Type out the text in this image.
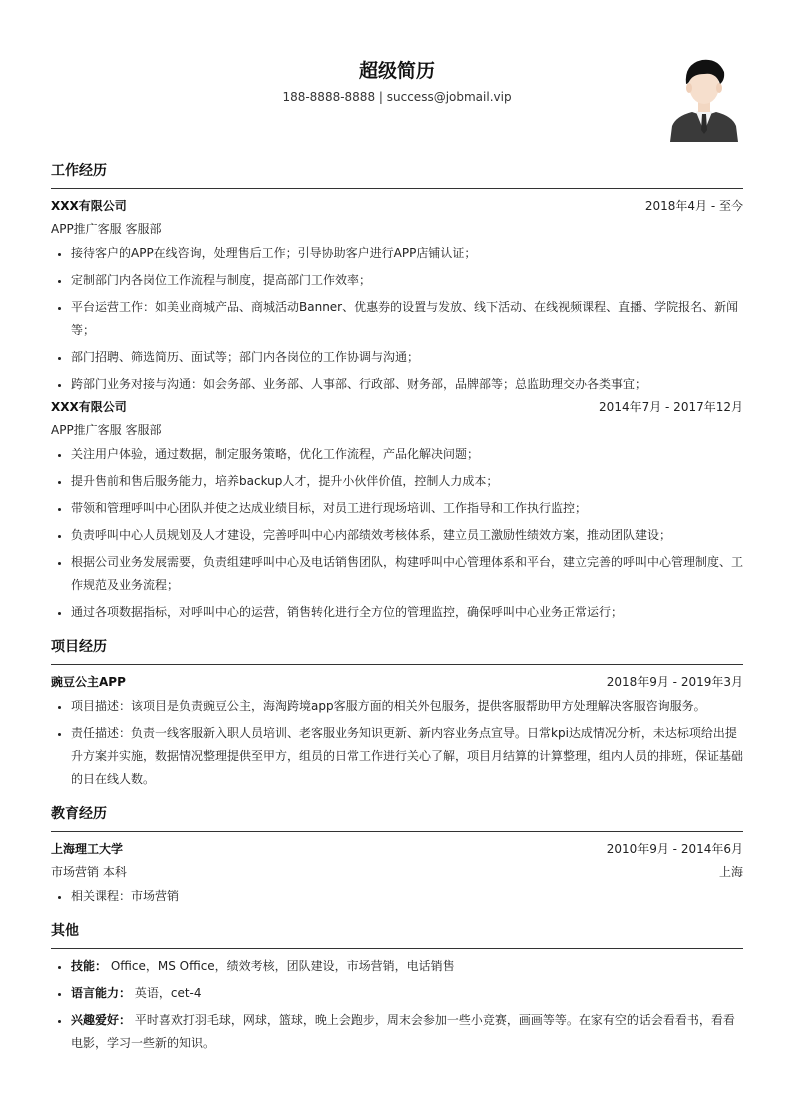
超级简历
188-8888-8888 | success@jobmail.vip
工作经历
XXX有限公司	2018年4月 - 至今
APP推广客服 客服部
• 接待客户的APP在线咨询，处理售后工作；引导协助客户进行APP店铺认证；
• 定制部门内各岗位工作流程与制度，提高部门工作效率；
• 平台运营工作：如美业商城产品、商城活动Banner、优惠券的设置与发放、线下活动、在线视频课程、直播、学院报名、新闻等；
• 部门招聘、筛选简历、面试等；部门内各岗位的工作协调与沟通；
• 跨部门业务对接与沟通：如会务部、业务部、人事部、行政部、财务部，品牌部等；总监助理交办各类事宜；
XXX有限公司	2014年7月 - 2017年12月
APP推广客服 客服部
• 关注用户体验，通过数据，制定服务策略，优化工作流程，产品化解决问题；
• 提升售前和售后服务能力，培养backup人才，提升小伙伴价值，控制人力成本；
• 带领和管理呼叫中心团队并使之达成业绩目标，对员工进行现场培训、工作指导和工作执行监控；
• 负责呼叫中心人员规划及人才建设，完善呼叫中心内部绩效考核体系，建立员工激励性绩效方案，推动团队建设；
• 根据公司业务发展需要，负责组建呼叫中心及电话销售团队，构建呼叫中心管理体系和平台，建立完善的呼叫中心管理制度、工作规范及业务流程；
• 通过各项数据指标，对呼叫中心的运营，销售转化进行全方位的管理监控，确保呼叫中心业务正常运行；
项目经历
豌豆公主APP	2018年9月 - 2019年3月
• 项目描述：该项目是负责豌豆公主，海淘跨境app客服方面的相关外包服务，提供客服帮助甲方处理解决客服咨询服务。
• 责任描述：负责一线客服新入职人员培训、老客服业务知识更新、新内容业务点宣导。日常kpi达成情况分析，未达标项给出提升方案并实施，数据情况整理提供至甲方，组员的日常工作进行关心了解，项目月结算的计算整理，组内人员的排班，保证基础的日在线人数。
教育经历
上海理工大学	2010年9月 - 2014年6月
市场营销 本科	上海
• 相关课程：市场营销
其他
• 技能： Office，MS Office，绩效考核，团队建设，市场营销，电话销售
• 语言能力： 英语，cet-4
• 兴趣爱好： 平时喜欢打羽毛球，网球，篮球，晚上会跑步，周末会参加一些小竞赛，画画等等。在家有空的话会看看书，看看电影，学习一些新的知识。
